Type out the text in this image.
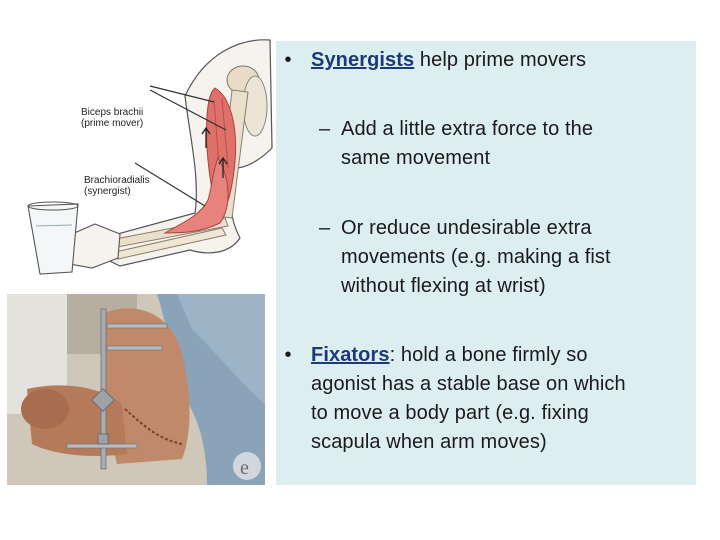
Biceps brachii
(prime mover)
Brachioradialis
(synergist)
e
• Synergists help prime movers
– Add a little extra force to the
same movement
– Or reduce undesirable extra
movements (e.g. making a fist
without flexing at wrist)
• Fixators: hold a bone firmly so
agonist has a stable base on which
to move a body part (e.g. fixing
scapula when arm moves)
